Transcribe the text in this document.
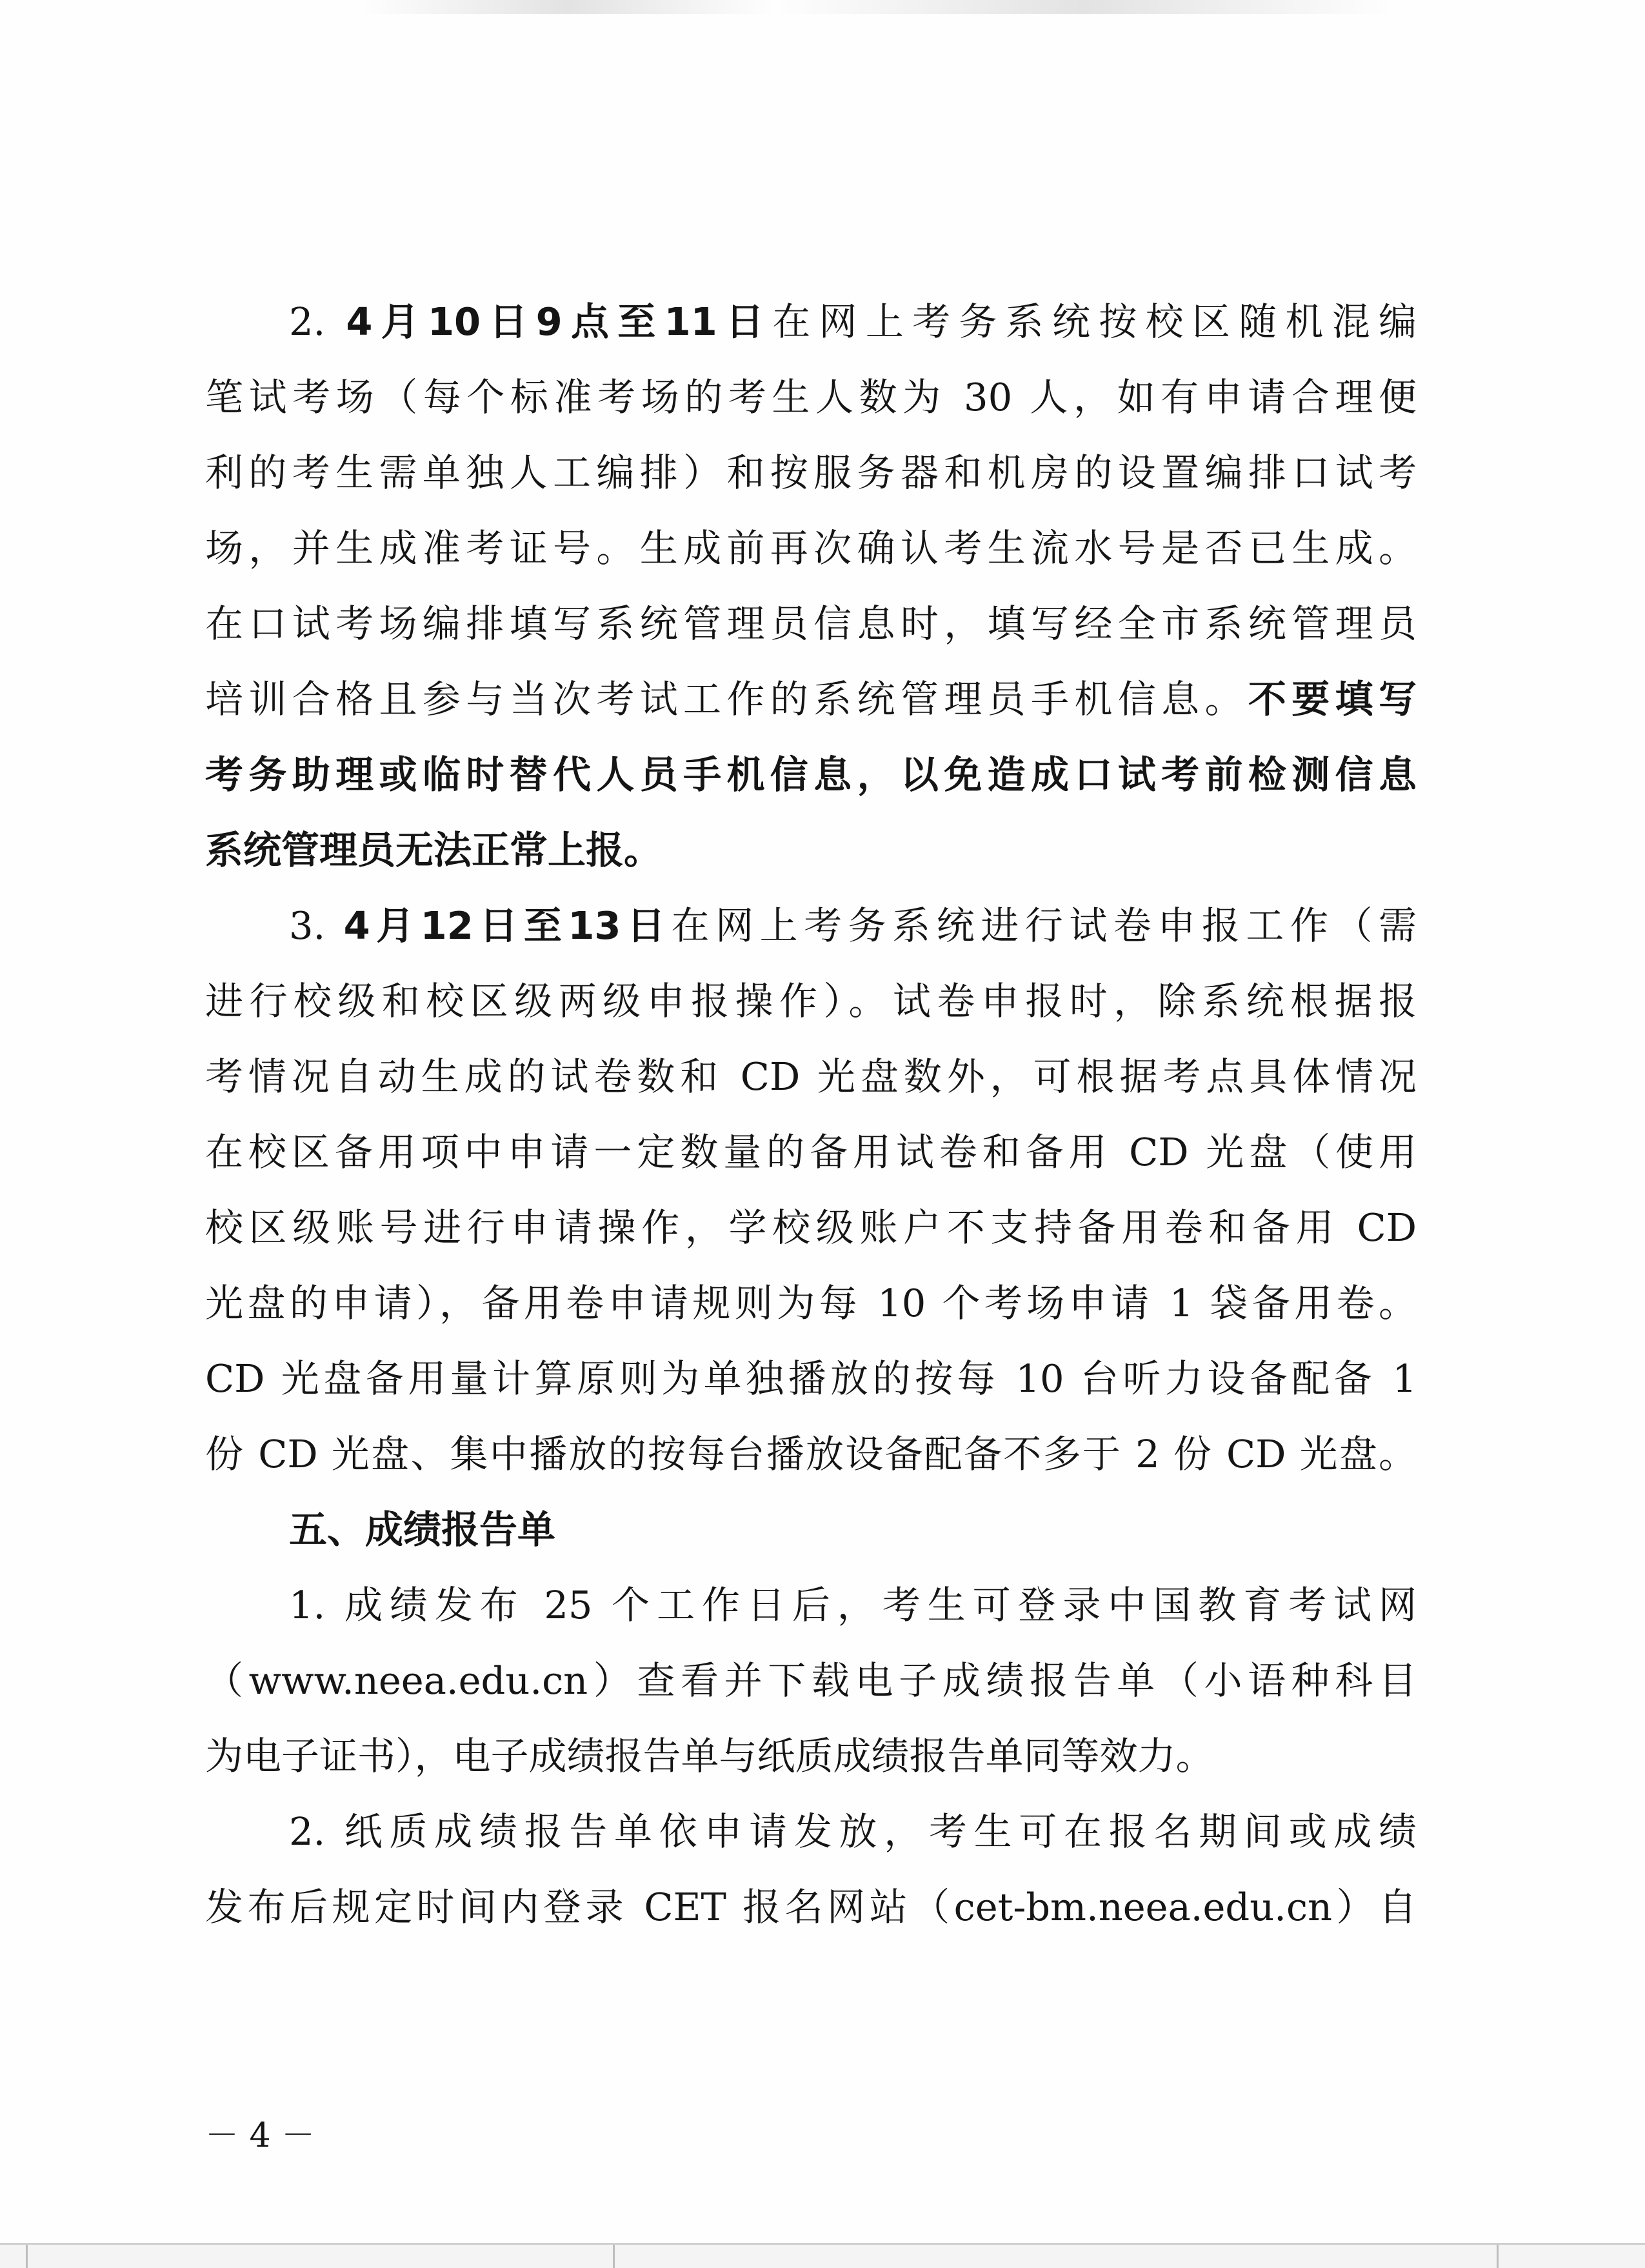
2. 4月10日9点至11日在网上考务系统按校区随机混编
笔试考场（每个标准考场的考生人数为 30 人，如有申请合理便
利的考生需单独人工编排）和按服务器和机房的设置编排口试考
场，并生成准考证号。生成前再次确认考生流水号是否已生成。
在口试考场编排填写系统管理员信息时，填写经全市系统管理员
培训合格且参与当次考试工作的系统管理员手机信息。不要填写
考务助理或临时替代人员手机信息，以免造成口试考前检测信息
系统管理员无法正常上报。
3. 4月12日至13日在网上考务系统进行试卷申报工作（需
进行校级和校区级两级申报操作）。试卷申报时，除系统根据报
考情况自动生成的试卷数和 CD 光盘数外，可根据考点具体情况
在校区备用项中申请一定数量的备用试卷和备用 CD 光盘（使用
校区级账号进行申请操作，学校级账户不支持备用卷和备用 CD
光盘的申请），备用卷申请规则为每 10 个考场申请 1 袋备用卷。
CD 光盘备用量计算原则为单独播放的按每 10 台听力设备配备 1
份 CD 光盘、集中播放的按每台播放设备配备不多于 2 份 CD 光盘。
五、成绩报告单
1. 成绩发布 25 个工作日后，考生可登录中国教育考试网
（www.neea.edu.cn）查看并下载电子成绩报告单（小语种科目
为电子证书），电子成绩报告单与纸质成绩报告单同等效力。
2. 纸质成绩报告单依申请发放，考生可在报名期间或成绩
发布后规定时间内登录 CET 报名网站（cet-bm.neea.edu.cn）自
－ 4 －
